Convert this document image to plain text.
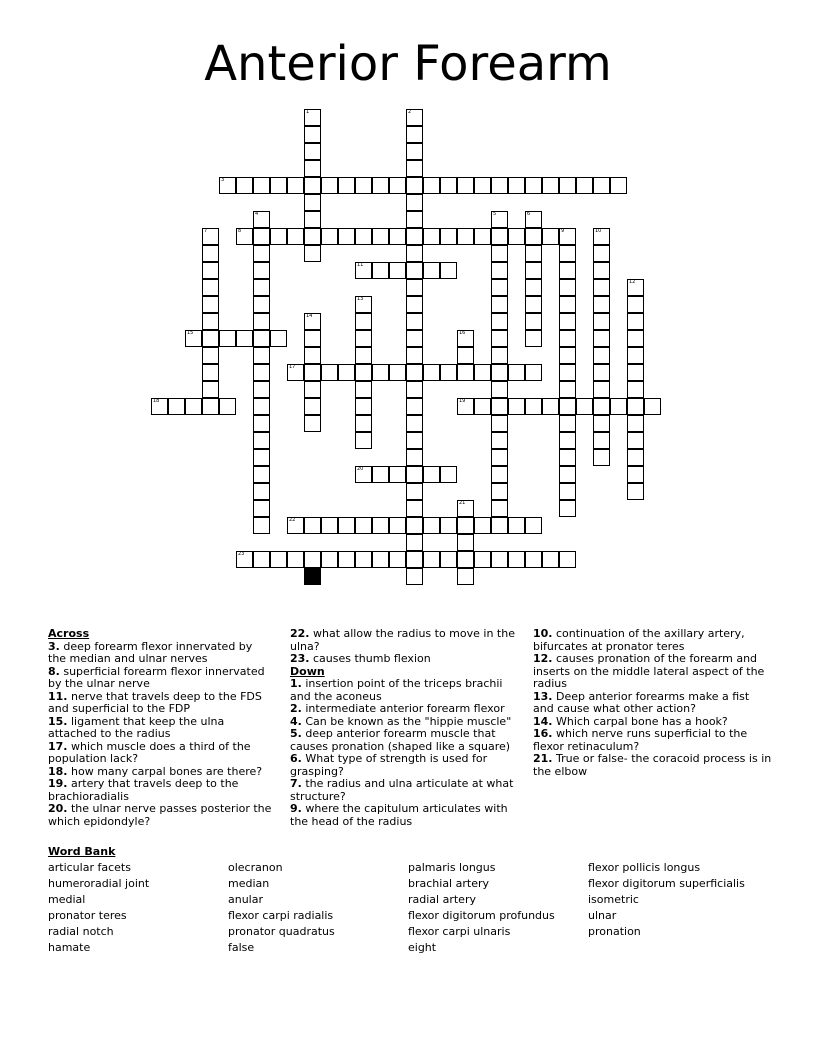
Anterior Forearm
1	2
3
4	5	6
7	8	9	10
11
12
13
14
15	16
17
18	19
20
21
22
23
Across
3. deep forearm flexor innervated by the median and ulnar nerves
8. superficial forearm flexor innervated by the ulnar nerve
11. nerve that travels deep to the FDS and superficial to the FDP
15. ligament that keep the ulna attached to the radius
17. which muscle does a third of the population lack?
18. how many carpal bones are there?
19. artery that travels deep to the brachioradialis
20. the ulnar nerve passes posterior the which epidondyle?
22. what allow the radius to move in the ulna?
23. causes thumb flexion
Down
1. insertion point of the triceps brachii and the aconeus
2. intermediate anterior forearm flexor
4. Can be known as the "hippie muscle"
5. deep anterior forearm muscle that causes pronation (shaped like a square)
6. What type of strength is used for grasping?
7. the radius and ulna articulate at what structure?
9. where the capitulum articulates with the head of the radius
10. continuation of the axillary artery, bifurcates at pronator teres
12. causes pronation of the forearm and inserts on the middle lateral aspect of the radius
13. Deep anterior forearms make a fist and cause what other action?
14. Which carpal bone has a hook?
16. which nerve runs superficial to the flexor retinaculum?
21. True or false- the coracoid process is in the elbow
Word Bank
articular facets	olecranon	palmaris longus	flexor pollicis longus
humeroradial joint	median	brachial artery	flexor digitorum superficialis
medial	anular	radial artery	isometric
pronator teres	flexor carpi radialis	flexor digitorum profundus	ulnar
radial notch	pronator quadratus	flexor carpi ulnaris	pronation
hamate	false	eight
